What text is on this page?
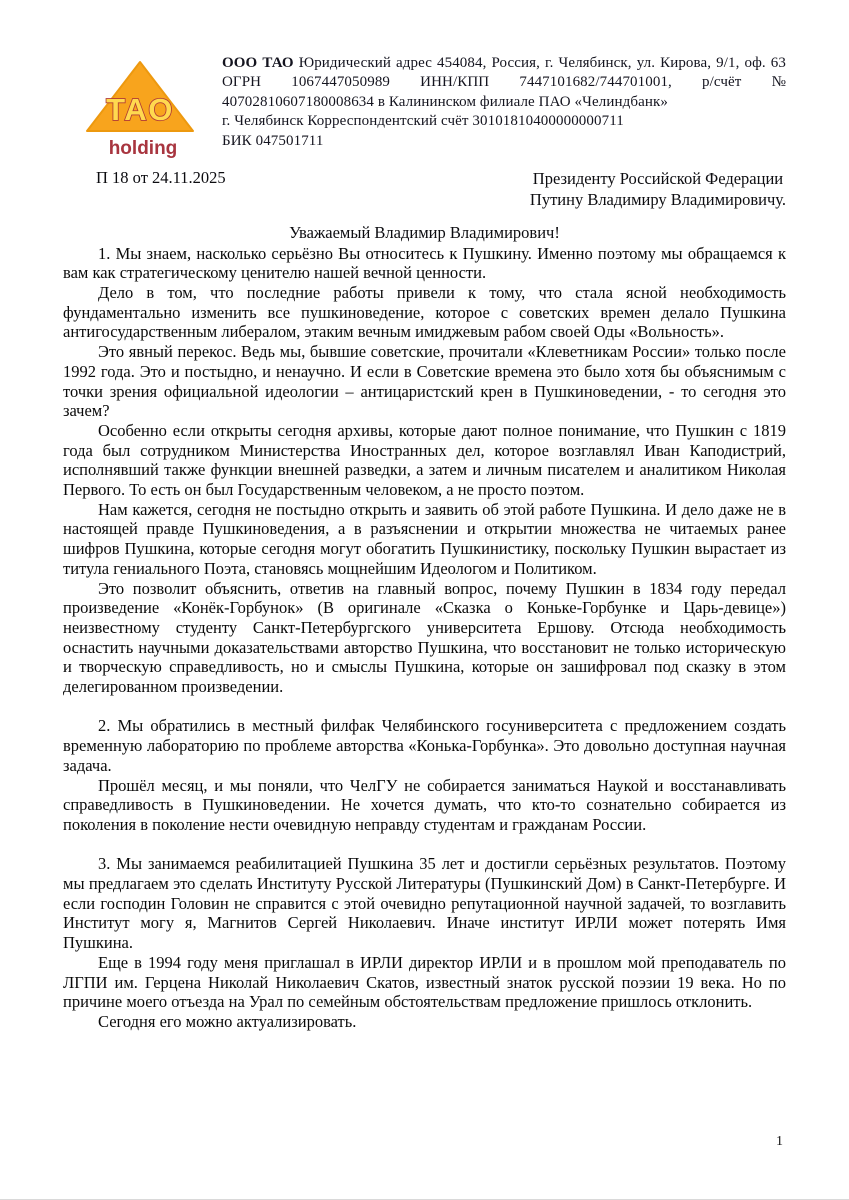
TAO
holding
ООО ТАО Юридический адрес 454084, Россия, г. Челябинск, ул. Кирова, 9/1, оф. 63
ОГРН 1067447050989 ИНН/КПП 7447101682/744701001, р/счёт №
40702810607180008634 в Калининском филиале ПАО «Челиндбанк»
г. Челябинск Корреспондентский счёт 30101810400000000711
БИК 047501711
П 18 от 24.11.2025	Президенту Российской Федерации
Путину Владимиру Владимировичу.
Уважаемый Владимир Владимирович!

1. Мы знаем, насколько серьёзно Вы относитесь к Пушкину. Именно поэтому мы обращаемся к вам как стратегическому ценителю нашей вечной ценности.

Дело в том, что последние работы привели к тому, что стала ясной необходимость фундаментально изменить все пушкиноведение, которое с советских времен делало Пушкина антигосударственным либералом, этаким вечным имиджевым рабом своей Оды «Вольность».

Это явный перекос. Ведь мы, бывшие советские, прочитали «Клеветникам России» только после 1992 года. Это и постыдно, и ненаучно. И если в Советские времена это было хотя бы объяснимым с точки зрения официальной идеологии – антицаристский крен в Пушкиноведении, - то сегодня это зачем?

Особенно если открыты сегодня архивы, которые дают полное понимание, что Пушкин с 1819 года был сотрудником Министерства Иностранных дел, которое возглавлял Иван Каподистрий, исполнявший также функции внешней разведки, а затем и личным писателем и аналитиком Николая Первого. То есть он был Государственным человеком, а не просто поэтом.

Нам кажется, сегодня не постыдно открыть и заявить об этой работе Пушкина. И дело даже не в настоящей правде Пушкиноведения, а в разъяснении и открытии множества не читаемых ранее шифров Пушкина, которые сегодня могут обогатить Пушкинистику, поскольку Пушкин вырастает из титула гениального Поэта, становясь мощнейшим Идеологом и Политиком.

Это позволит объяснить, ответив на главный вопрос, почему Пушкин в 1834 году передал произведение «Конёк-Горбунок» (В оригинале «Сказка о Коньке-Горбунке и Царь-девице») неизвестному студенту Санкт-Петербургского университета Ершову. Отсюда необходимость оснастить научными доказательствами авторство Пушкина, что восстановит не только историческую и творческую справедливость, но и смыслы Пушкина, которые он зашифровал под сказку в этом делегированном произведении.

2. Мы обратились в местный филфак Челябинского госуниверситета с предложением создать временную лабораторию по проблеме авторства «Конька-Горбунка». Это довольно доступная научная задача.

Прошёл месяц, и мы поняли, что ЧелГУ не собирается заниматься Наукой и восстанавливать справедливость в Пушкиноведении. Не хочется думать, что кто-то сознательно собирается из поколения в поколение нести очевидную неправду студентам и гражданам России.

3. Мы занимаемся реабилитацией Пушкина 35 лет и достигли серьёзных результатов. Поэтому мы предлагаем это сделать Институту Русской Литературы (Пушкинский Дом) в Санкт-Петербурге. И если господин Головин не справится с этой очевидно репутационной научной задачей, то возглавить Институт могу я, Магнитов Сергей Николаевич. Иначе институт ИРЛИ может потерять Имя Пушкина.

Еще в 1994 году меня приглашал в ИРЛИ директор ИРЛИ и в прошлом мой преподаватель по ЛГПИ им. Герцена Николай Николаевич Скатов, известный знаток русской поэзии 19 века. Но по причине моего отъезда на Урал по семейным обстоятельствам предложение пришлось отклонить.

Сегодня его можно актуализировать.

1
